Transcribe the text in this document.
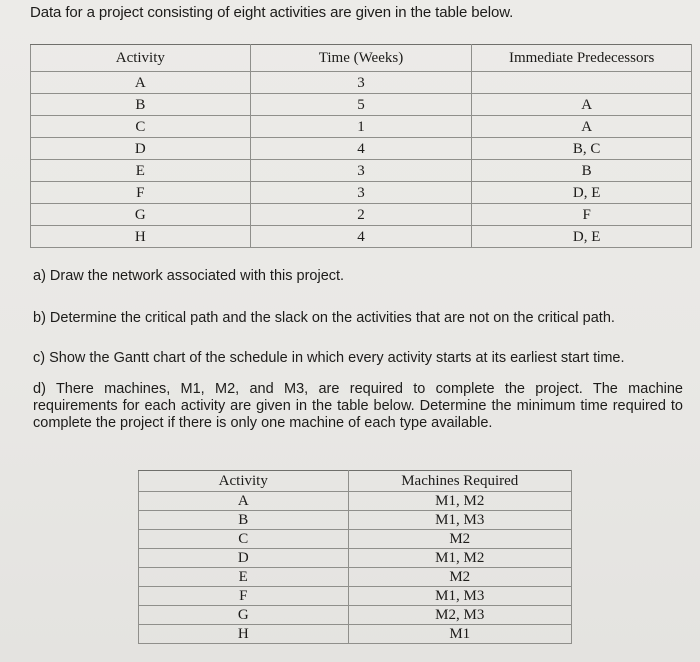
Data for a project consisting of eight activities are given in the table below.
Activity	Time (Weeks)	Immediate Predecessors
A	3	
B	5	A
C	1	A
D	4	B, C
E	3	B
F	3	D, E
G	2	F
H	4	D, E
a) Draw the network associated with this project.
b) Determine the critical path and the slack on the activities that are not on the critical path.
c) Show the Gantt chart of the schedule in which every activity starts at its earliest start time.
d) There machines, M1, M2, and M3, are required to complete the project. The machine requirements for each activity are given in the table below. Determine the minimum time required to complete the project if there is only one machine of each type available.
Activity	Machines Required
A	M1, M2
B	M1, M3
C	M2
D	M1, M2
E	M2
F	M1, M3
G	M2, M3
H	M1
